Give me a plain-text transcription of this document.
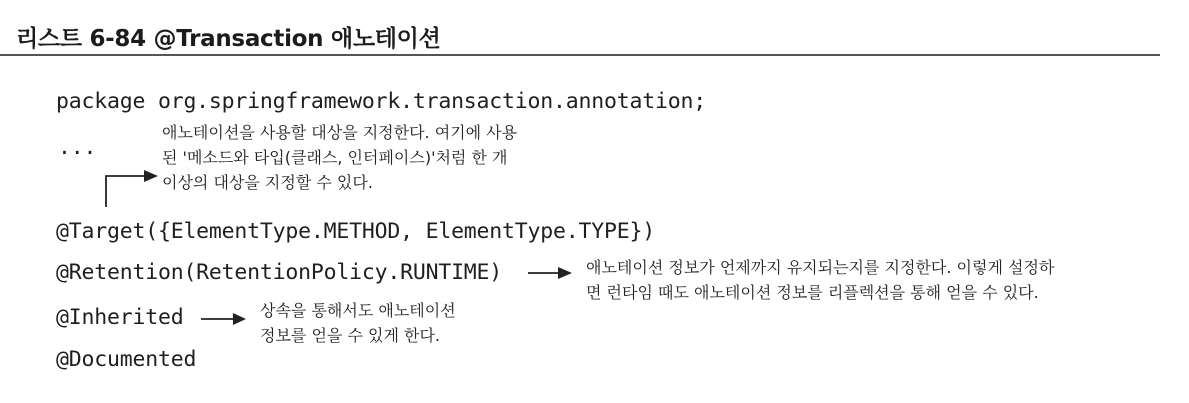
리스트 6-84 @Transaction 애노테이션
package org.springframework.transaction.annotation;
...
@Target({ElementType.METHOD, ElementType.TYPE})
@Retention(RetentionPolicy.RUNTIME)
@Inherited
@Documented
애노테이션을 사용할 대상을 지정한다. 여기에 사용
된 '메소드와 타입(클래스, 인터페이스)'처럼 한 개
이상의 대상을 지정할 수 있다.
애노테이션 정보가 언제까지 유지되는지를 지정한다. 이렇게 설정하
면 런타임 때도 애노테이션 정보를 리플렉션을 통해 얻을 수 있다.
상속을 통해서도 애노테이션
정보를 얻을 수 있게 한다.
